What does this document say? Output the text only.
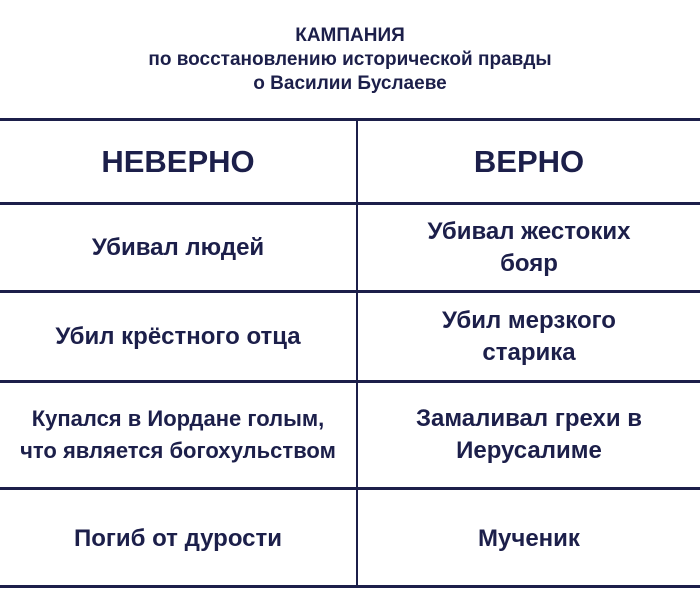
КАМПАНИЯ
по восстановлению исторической правды
о Василии Буслаеве
НЕВЕРНО	ВЕРНО
Убивал людей
Убивал жестоких
бояр
Убил крёстного отца
Убил мерзкого
старика
Купался в Иордане голым,
что является богохульством
Замаливал грехи в
Иерусалиме
Погиб от дурости	Мученик
